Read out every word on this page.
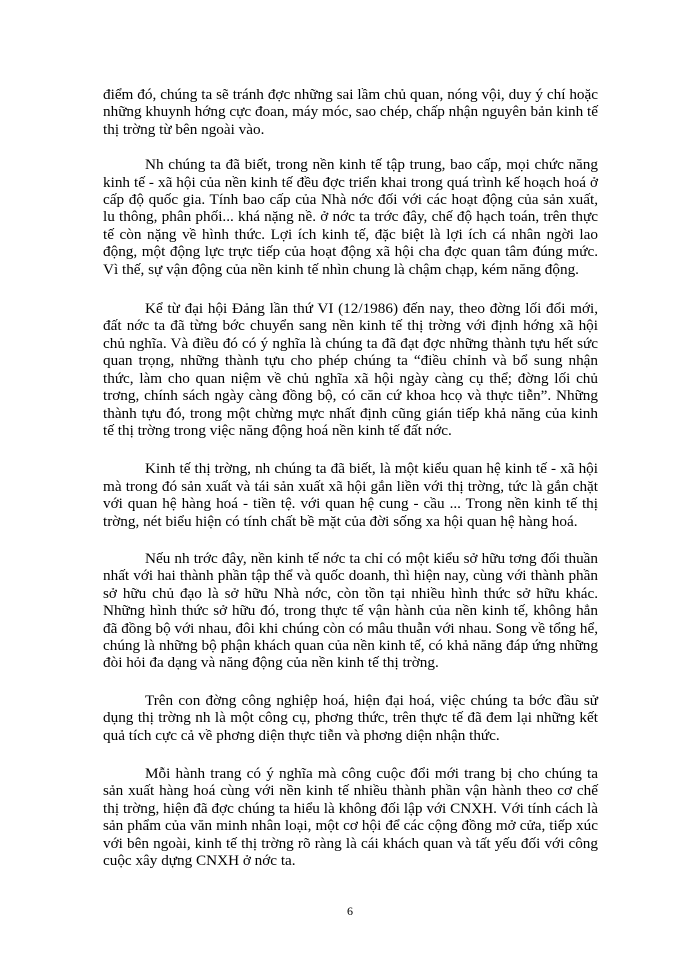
điểm đó, chúng ta sẽ tránh đợc những sai lầm chủ quan, nóng vội, duy ý chí hoặc những khuynh hớng cực đoan, máy móc, sao chép, chấp nhận nguyên bản kinh tế thị trờng từ bên ngoài vào.

Nh chúng ta đã biết, trong nền kinh tế tập trung, bao cấp, mọi chức năng kinh tế - xã hội của nền kinh tế đều đợc triển khai trong quá trình kế hoạch hoá ở cấp độ quốc gia. Tính bao cấp của Nhà nớc đối với các hoạt động của sản xuất, lu thông, phân phối... khá nặng nề. ở nớc ta trớc đây, chế độ hạch toán, trên thực tế còn nặng về hình thức. Lợi ích kinh tế, đặc biệt là lợi ích cá nhân ngời lao động, một động lực trực tiếp của hoạt động xã hội cha đợc quan tâm đúng mức. Vì thế, sự vận động của nền kinh tế nhìn chung là chậm chạp, kém năng động.

Kể từ đại hội Đảng lần thứ VI (12/1986) đến nay, theo đờng lối đổi mới, đất nớc ta đã từng bớc chuyển sang nền kinh tế thị trờng với định hớng xã hội chủ nghĩa. Và điều đó có ý nghĩa là chúng ta đã đạt đợc những thành tựu hết sức quan trọng, những thành tựu cho phép chúng ta “điều chỉnh và bổ sung nhận thức, làm cho quan niệm về chủ nghĩa xã hội ngày càng cụ thể; đờng lối chủ trơng, chính sách ngày càng đồng bộ, có căn cứ khoa hcọ và thực tiễn”. Những thành tựu đó, trong một chừng mực nhất định cũng gián tiếp khả năng của kinh tế thị trờng trong việc năng động hoá nền kinh tế đất nớc.

Kinh tế thị trờng, nh chúng ta đã biết, là một kiểu quan hệ kinh tế - xã hội mà trong đó sản xuất và tái sản xuất xã hội gắn liền với thị trờng, tức là gắn chặt với quan hệ hàng hoá - tiền tệ. với quan hệ cung - cầu ... Trong nền kinh tế thị trờng, nét biểu hiện có tính chất bề mặt của đời sống xa hội quan hệ hàng hoá.

Nếu nh trớc đây, nền kinh tế nớc ta chỉ có một kiểu sở hữu tơng đối thuần nhất với hai thành phần tập thể và quốc doanh, thì hiện nay, cùng với thành phần sở hữu chủ đạo là sở hữu Nhà nớc, còn tồn tại nhiều hình thức sở hữu khác. Những hình thức sở hữu đó, trong thực tế vận hành của nền kinh tế, không hẳn đã đồng bộ với nhau, đôi khi chúng còn có mâu thuẫn với nhau. Song về tổng hể, chúng là những bộ phận khách quan của nền kinh tế, có khả năng đáp ứng những đòi hỏi đa dạng và năng động của nền kinh tế thị trờng.

Trên con đờng công nghiệp hoá, hiện đại hoá, việc chúng ta bớc đầu sử dụng thị trờng nh là một công cụ, phơng thức, trên thực tế đã đem lại những kết quả tích cực cả về phơng diện thực tiễn và phơng diện nhận thức.

Mỗi hành trang có ý nghĩa mà công cuộc đổi mới trang bị cho chúng ta sản xuất hàng hoá cùng với nền kinh tế nhiều thành phần vận hành theo cơ chế thị trờng, hiện đã đợc chúng ta hiểu là không đối lập với CNXH. Với tính cách là sản phẩm của văn minh nhân loại, một cơ hội để các cộng đồng mở cửa, tiếp xúc với bên ngoài, kinh tế thị trờng rõ ràng là cái khách quan và tất yếu đối với công cuộc xây dựng CNXH ở nớc ta.

6
